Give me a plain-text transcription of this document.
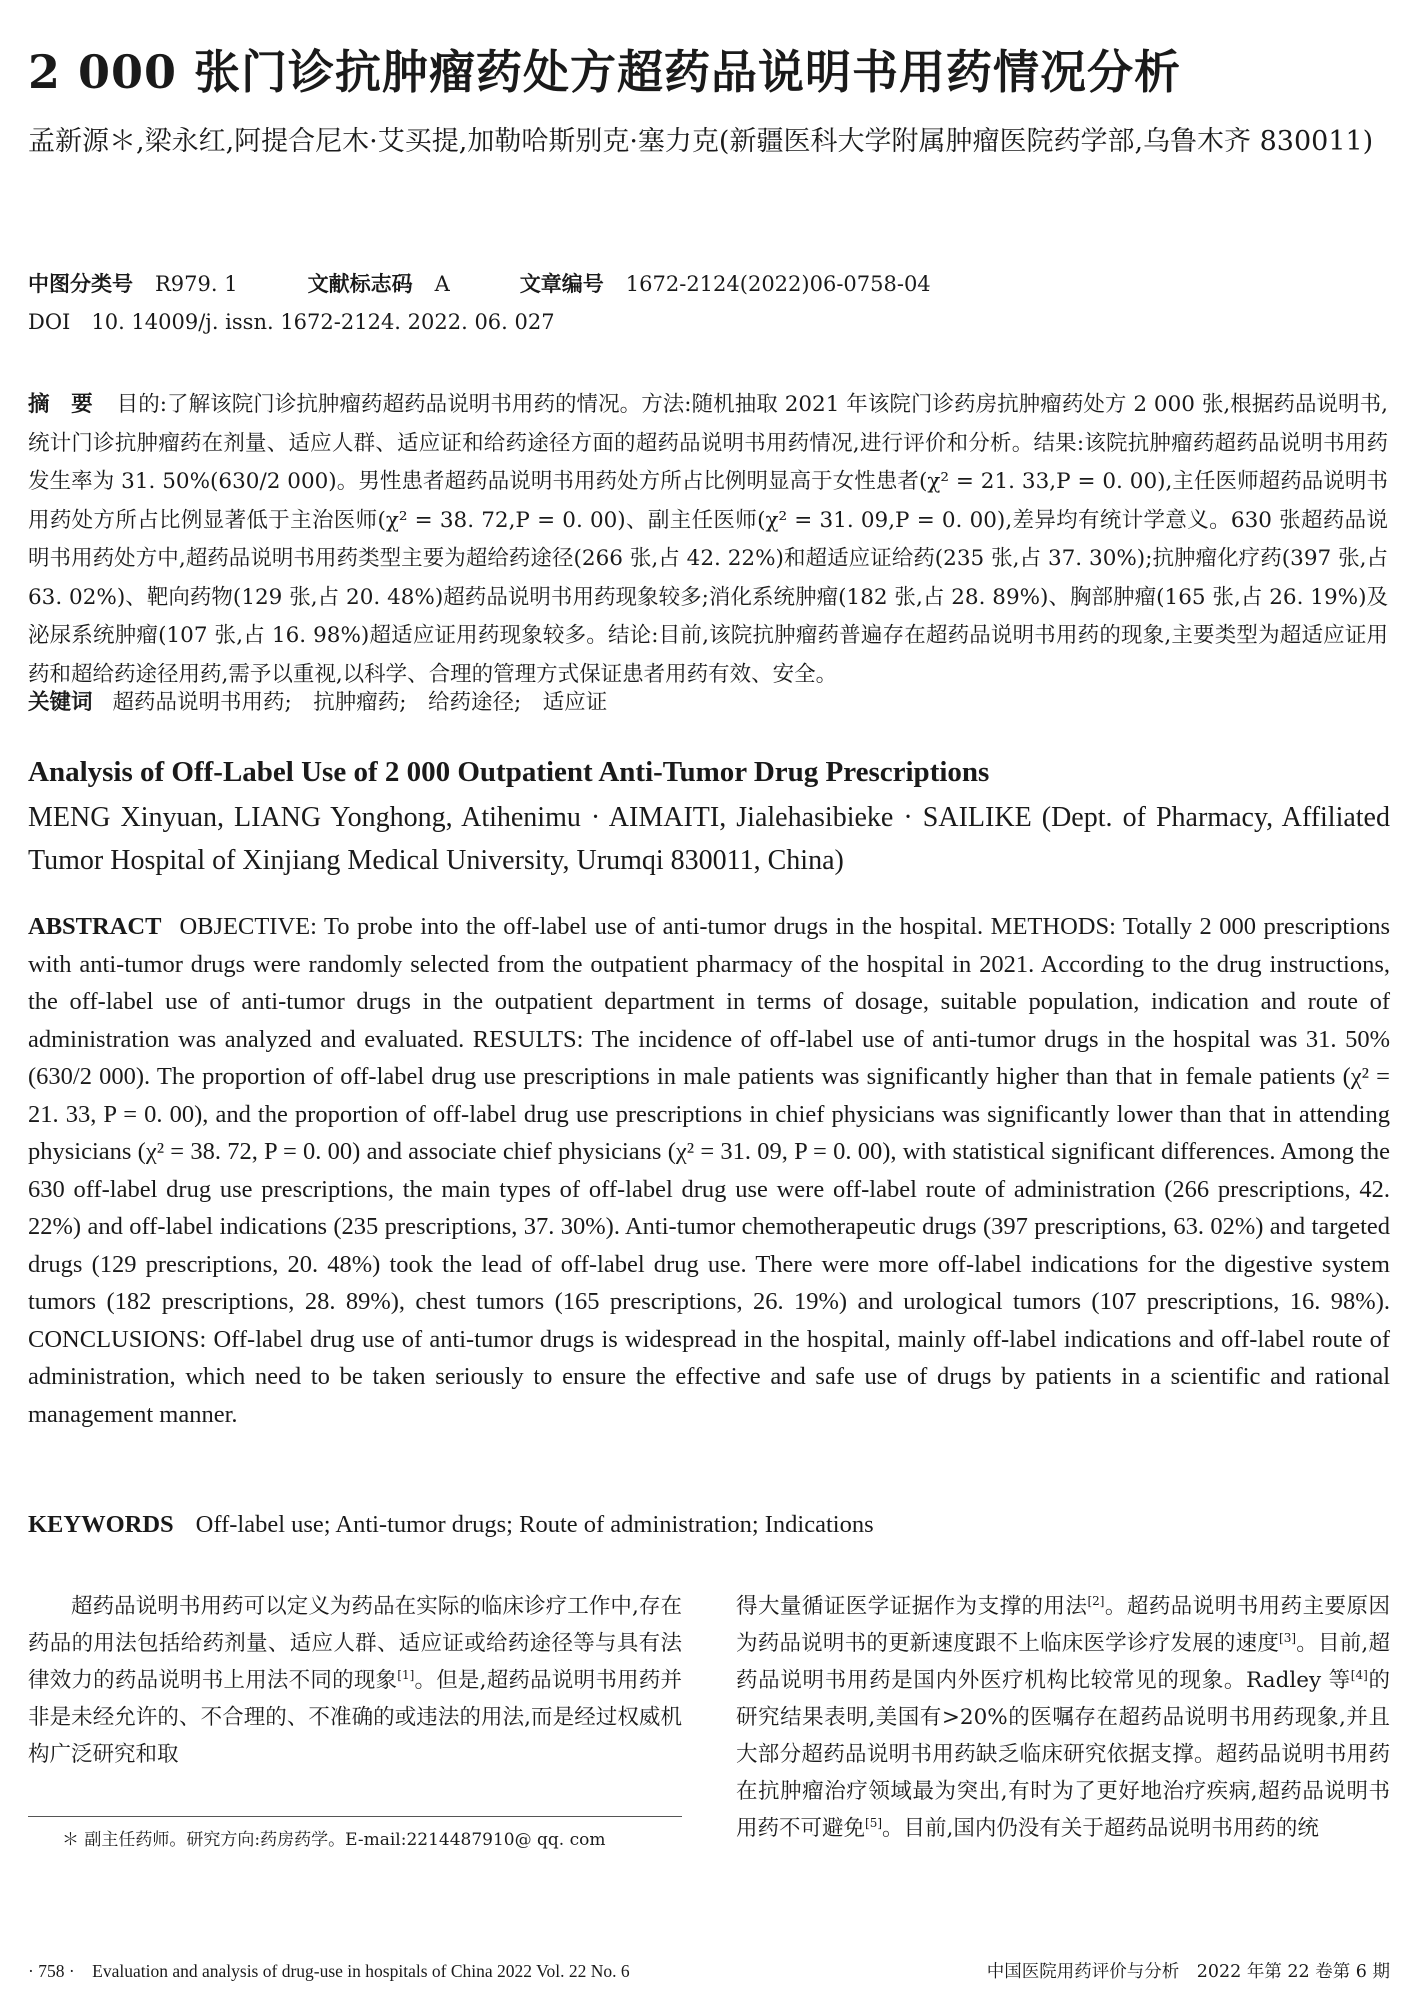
2 000 张门诊抗肿瘤药处方超药品说明书用药情况分析
孟新源＊,梁永红,阿提合尼木·艾买提,加勒哈斯别克·塞力克(新疆医科大学附属肿瘤医院药学部,乌鲁木齐 830011)
中图分类号 R979. 1	文献标志码 A	文章编号 1672-2124(2022)06-0758-04
DOI　 10. 14009/j. issn. 1672-2124. 2022. 06. 027
摘　要 目的:了解该院门诊抗肿瘤药超药品说明书用药的情况。方法:随机抽取 2021 年该院门诊药房抗肿瘤药处方 2 000 张,根据药品说明书,统计门诊抗肿瘤药在剂量、适应人群、适应证和给药途径方面的超药品说明书用药情况,进行评价和分析。结果:该院抗肿瘤药超药品说明书用药发生率为 31. 50%(630/2 000)。男性患者超药品说明书用药处方所占比例明显高于女性患者(χ² = 21. 33,P = 0. 00),主任医师超药品说明书用药处方所占比例显著低于主治医师(χ² = 38. 72,P = 0. 00)、副主任医师(χ² = 31. 09,P = 0. 00),差异均有统计学意义。630 张超药品说明书用药处方中,超药品说明书用药类型主要为超给药途径(266 张,占 42. 22%)和超适应证给药(235 张,占 37. 30%);抗肿瘤化疗药(397 张,占 63. 02%)、靶向药物(129 张,占 20. 48%)超药品说明书用药现象较多;消化系统肿瘤(182 张,占 28. 89%)、胸部肿瘤(165 张,占 26. 19%)及泌尿系统肿瘤(107 张,占 16. 98%)超适应证用药现象较多。结论:目前,该院抗肿瘤药普遍存在超药品说明书用药的现象,主要类型为超适应证用药和超给药途径用药,需予以重视,以科学、合理的管理方式保证患者用药有效、安全。
关键词 超药品说明书用药;　抗肿瘤药;　给药途径;　适应证
Analysis of Off-Label Use of 2 000 Outpatient Anti-Tumor Drug Prescriptions
MENG Xinyuan, LIANG Yonghong, Atihenimu · AIMAITI, Jialehasibieke · SAILIKE (Dept. of Pharmacy, Affiliated Tumor Hospital of Xinjiang Medical University, Urumqi 830011, China)
ABSTRACT OBJECTIVE: To probe into the off-label use of anti-tumor drugs in the hospital. METHODS: Totally 2 000 prescriptions with anti-tumor drugs were randomly selected from the outpatient pharmacy of the hospital in 2021. According to the drug instructions, the off-label use of anti-tumor drugs in the outpatient department in terms of dosage, suitable population, indication and route of administration was analyzed and evaluated. RESULTS: The incidence of off-label use of anti-tumor drugs in the hospital was 31. 50% (630/2 000). The proportion of off-label drug use prescriptions in male patients was significantly higher than that in female patients (χ² = 21. 33, P = 0. 00), and the proportion of off-label drug use prescriptions in chief physicians was significantly lower than that in attending physicians (χ² = 38. 72, P = 0. 00) and associate chief physicians (χ² = 31. 09, P = 0. 00), with statistical significant differences. Among the 630 off-label drug use prescriptions, the main types of off-label drug use were off-label route of administration (266 prescriptions, 42. 22%) and off-label indications (235 prescriptions, 37. 30%). Anti-tumor chemotherapeutic drugs (397 prescriptions, 63. 02%) and targeted drugs (129 prescriptions, 20. 48%) took the lead of off-label drug use. There were more off-label indications for the digestive system tumors (182 prescriptions, 28. 89%), chest tumors (165 prescriptions, 26. 19%) and urological tumors (107 prescriptions, 16. 98%). CONCLUSIONS: Off-label drug use of anti-tumor drugs is widespread in the hospital, mainly off-label indications and off-label route of administration, which need to be taken seriously to ensure the effective and safe use of drugs by patients in a scientific and rational management manner.
KEYWORDS Off-label use; Anti-tumor drugs; Route of administration; Indications
超药品说明书用药可以定义为药品在实际的临床诊疗工作中,存在药品的用法包括给药剂量、适应人群、适应证或给药途径等与具有法律效力的药品说明书上用法不同的现象[1]。但是,超药品说明书用药并非是未经允许的、不合理的、不准确的或违法的用法,而是经过权威机构广泛研究和取
＊ 副主任药师。研究方向:药房药学。E-mail:2214487910@ qq. com
得大量循证医学证据作为支撑的用法[2]。超药品说明书用药主要原因为药品说明书的更新速度跟不上临床医学诊疗发展的速度[3]。目前,超药品说明书用药是国内外医疗机构比较常见的现象。Radley 等[4]的研究结果表明,美国有>20%的医嘱存在超药品说明书用药现象,并且大部分超药品说明书用药缺乏临床研究依据支撑。超药品说明书用药在抗肿瘤治疗领域最为突出,有时为了更好地治疗疾病,超药品说明书用药不可避免[5]。目前,国内仍没有关于超药品说明书用药的统
· 758 ·　Evaluation and analysis of drug-use in hospitals of China 2022 Vol. 22 No. 6	中国医院用药评价与分析　2022 年第 22 卷第 6 期
